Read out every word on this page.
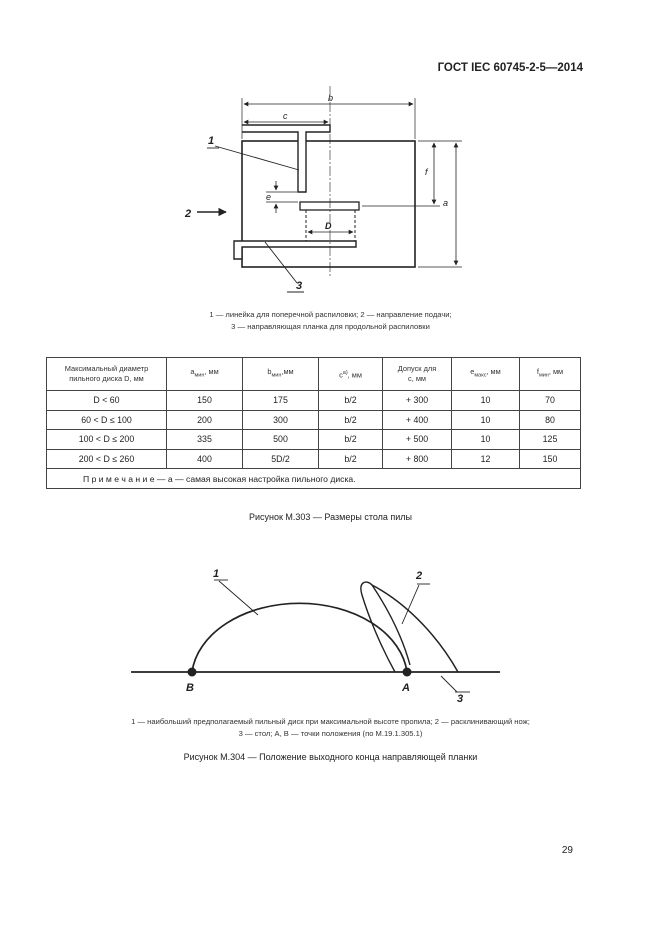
ГОСТ IEC 60745-2-5—2014
b
c
a
f
e
D
1
2
3
1 — линейка для поперечной распиловки; 2 — направление подачи;
3 — направляющая планка для продольной распиловки
Максимальный диаметр
пильного диска D, мм	$a_{мин}$, мм	$b_{мин},мм$	$c^{a)}$, мм	Допуск для
с, мм	$e_{макс}$, мм	$f_{мин}$, мм
D < 60	150	175	b/2	+ 300	10	70
60 < D ≤ 100	200	300	b/2	+ 400	10	80
100 < D ≤ 200	335	500	b/2	+ 500	10	125
200 < D ≤ 260	400	5D/2	b/2	+ 800	12	150
П р и м е ч а н и е — a — самая высокая настройка пильного диска.						
Рисунок М.303 — Размеры стола пилы
1	2
3
B	A
1 — наибольший предполагаемый пильный диск при максимальной высоте пропила; 2 — расклинивающий нож;
3 — стол; A, B — точки положения (по М.19.1.305.1)
Рисунок М.304 — Положение выходного конца направляющей планки
29
